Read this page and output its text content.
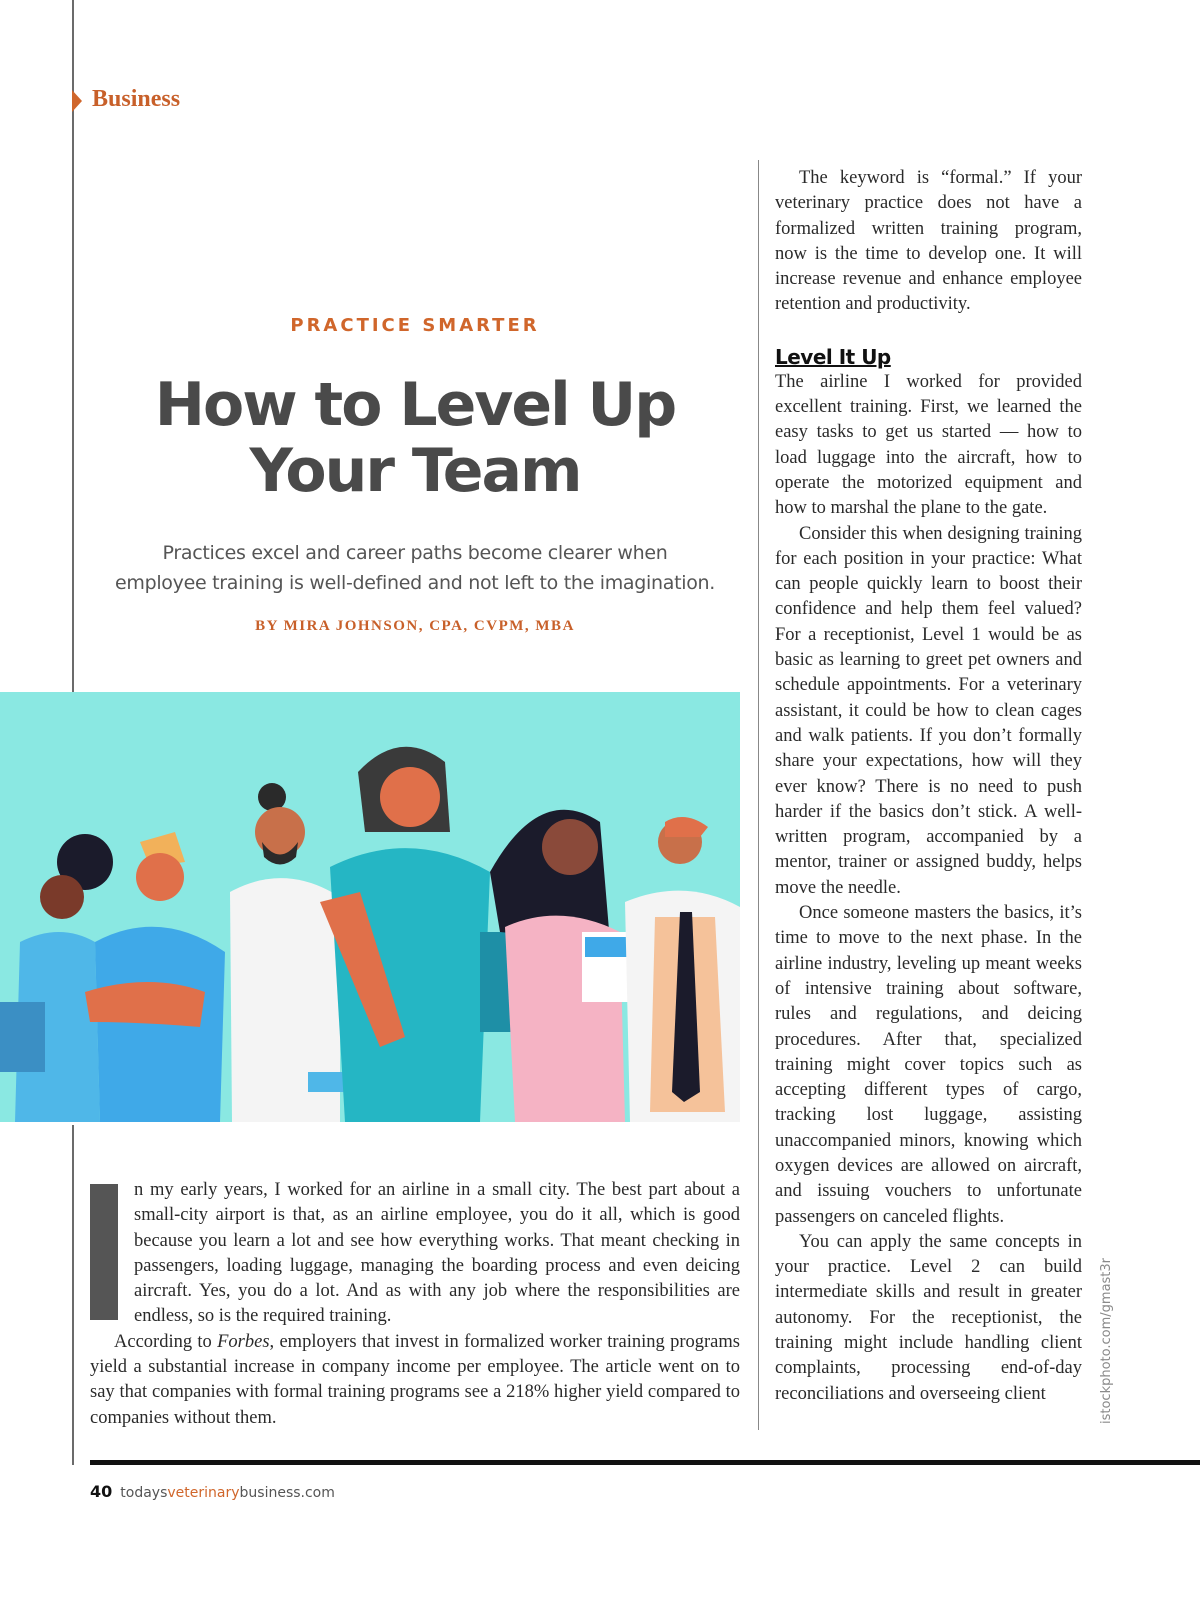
Business
PRACTICE SMARTER
How to Level Up
Your Team

Practices excel and career paths become clearer when
employee training is well-defined and not left to the imagination.

BY MIRA JOHNSON, CPA, CVPM, MBA

n my early years, I worked for an airline in a small city. The best part about a small-city airport is that, as an airline employee, you do it all, which is good because you learn a lot and see how everything works. That meant checking in passengers, loading luggage, managing the boarding process and even deicing aircraft. Yes, you do a lot. And as with any job where the responsibilities are endless, so is the required training.

According to Forbes, employers that invest in formalized worker training programs yield a substantial increase in company income per employee. The article went on to say that companies with formal training programs see a 218% higher yield compared to companies without them.

The keyword is “formal.” If your veterinary practice does not have a formalized written training program, now is the time to develop one. It will increase revenue and enhance employee retention and productivity.

Level It Up

The airline I worked for provided excellent training. First, we learned the easy tasks to get us started — how to load luggage into the aircraft, how to operate the motorized equipment and how to marshal the plane to the gate.

Consider this when designing training for each position in your practice: What can people quickly learn to boost their confidence and help them feel valued? For a receptionist, Level 1 would be as basic as learning to greet pet owners and schedule appointments. For a veterinary assistant, it could be how to clean cages and walk patients. If you don’t formally share your expectations, how will they ever know? There is no need to push harder if the basics don’t stick. A well-written program, accompanied by a mentor, trainer or assigned buddy, helps move the needle.

Once someone masters the basics, it’s time to move to the next phase. In the airline industry, leveling up meant weeks of intensive training about software, rules and regulations, and deicing procedures. After that, specialized training might cover topics such as accepting different types of cargo, tracking lost luggage, assisting unaccompanied minors, knowing which oxygen devices are allowed on aircraft, and issuing vouchers to unfortunate passengers on canceled flights.

You can apply the same concepts in your practice. Level 2 can build intermediate skills and result in greater autonomy. For the receptionist, the training might include handling client complaints, processing end-of-day reconciliations and overseeing client	istockphoto.com/gmast3r
40 todaysveterinarybusiness.com
